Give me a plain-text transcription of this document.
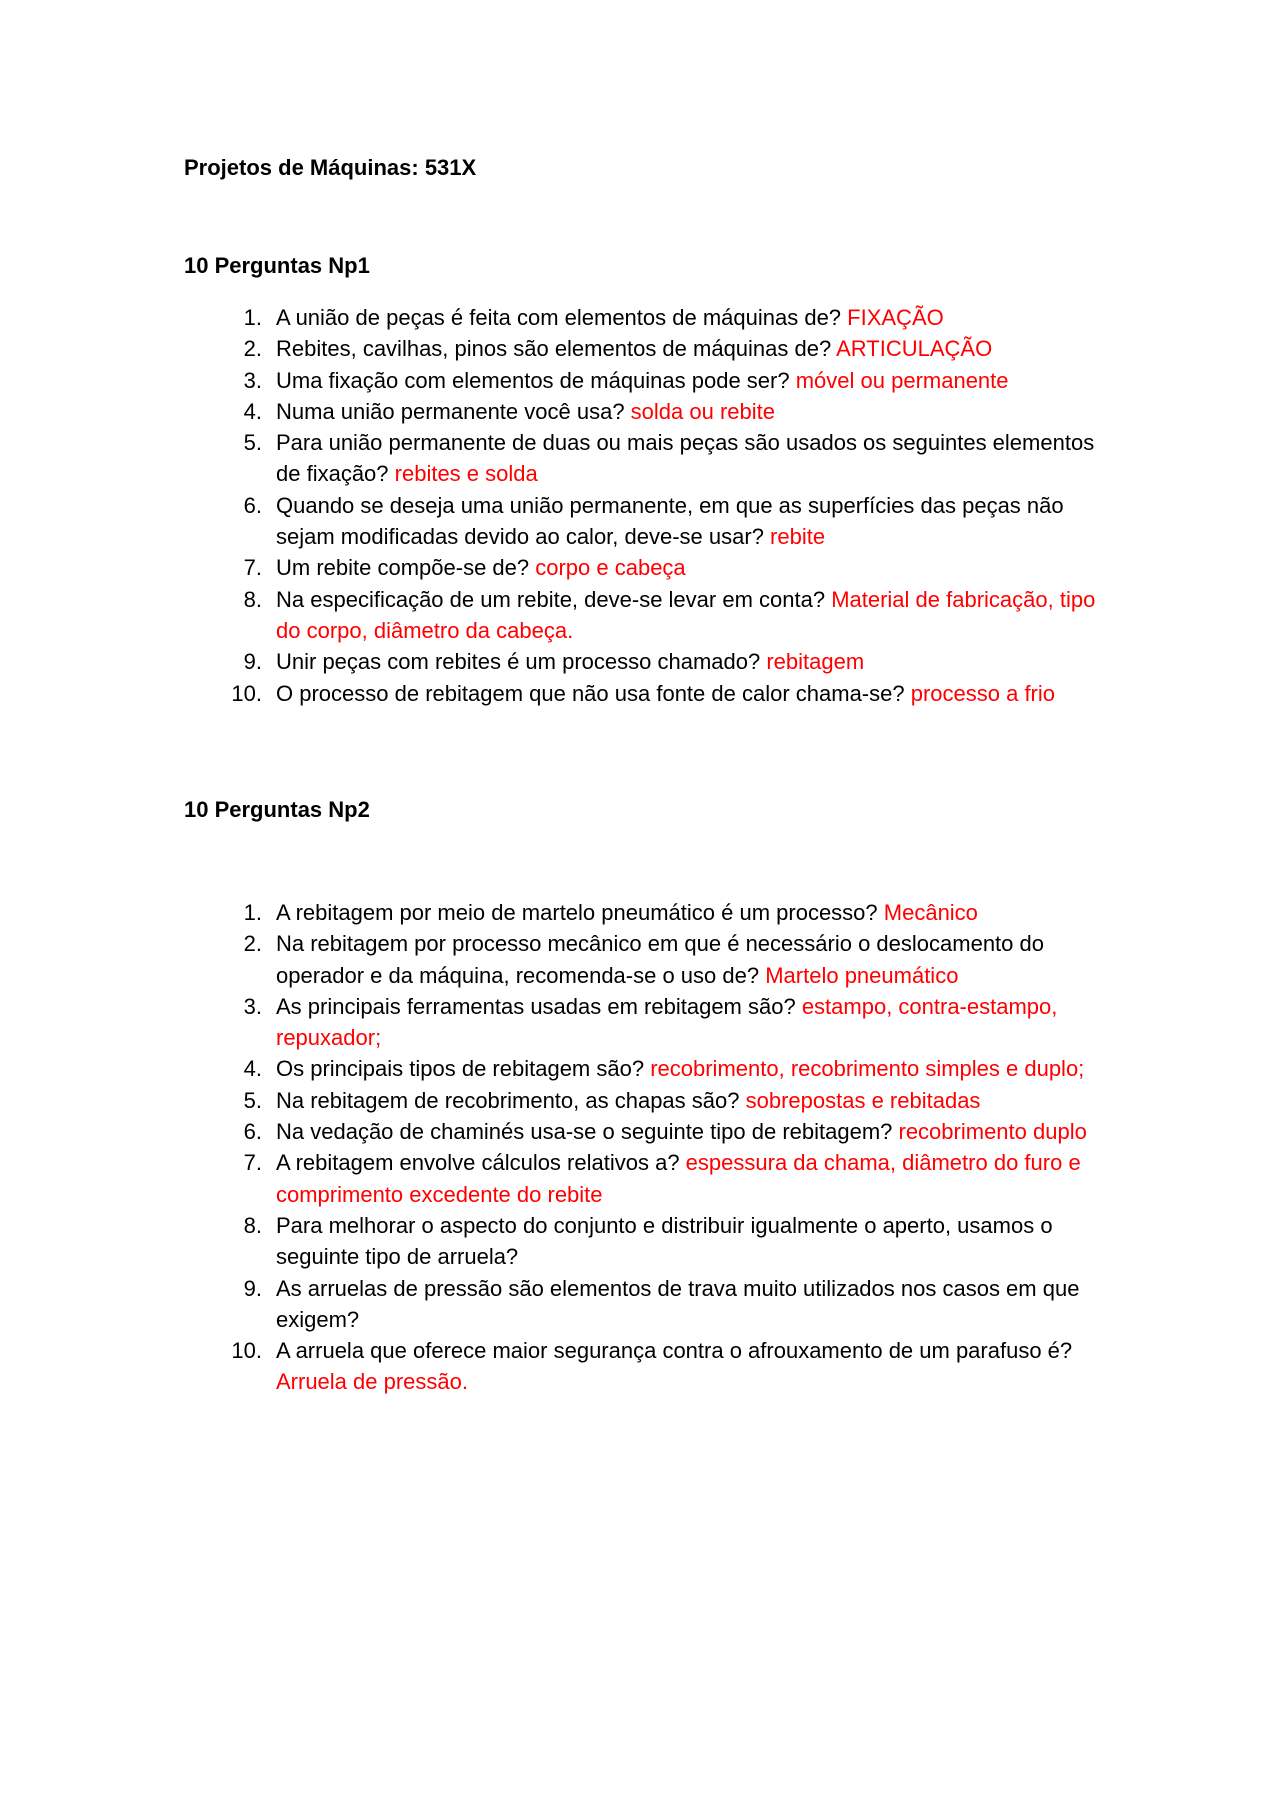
Projetos de Máquinas: 531X
10 Perguntas Np1
1. A união de peças é feita com elementos de máquinas de? FIXAÇÃO
2. Rebites, cavilhas, pinos são elementos de máquinas de? ARTICULAÇÃO
3. Uma fixação com elementos de máquinas pode ser? móvel ou permanente
4. Numa união permanente você usa? solda ou rebite
5. Para união permanente de duas ou mais peças são usados os seguintes elementos de fixação? rebites e solda
6. Quando se deseja uma união permanente, em que as superfícies das peças não sejam modificadas devido ao calor, deve-se usar? rebite
7. Um rebite compõe-se de? corpo e cabeça
8. Na especificação de um rebite, deve-se levar em conta? Material de fabricação, tipo do corpo, diâmetro da cabeça.
9. Unir peças com rebites é um processo chamado? rebitagem
10. O processo de rebitagem que não usa fonte de calor chama-se? processo a frio
10 Perguntas Np2
1. A rebitagem por meio de martelo pneumático é um processo? Mecânico
2. Na rebitagem por processo mecânico em que é necessário o deslocamento do operador e da máquina, recomenda-se o uso de? Martelo pneumático
3. As principais ferramentas usadas em rebitagem são? estampo, contra-estampo, repuxador;
4. Os principais tipos de rebitagem são? recobrimento, recobrimento simples e duplo;
5. Na rebitagem de recobrimento, as chapas são? sobrepostas e rebitadas
6. Na vedação de chaminés usa-se o seguinte tipo de rebitagem? recobrimento duplo
7. A rebitagem envolve cálculos relativos a? espessura da chama, diâmetro do furo e comprimento excedente do rebite
8. Para melhorar o aspecto do conjunto e distribuir igualmente o aperto, usamos o seguinte tipo de arruela?
9. As arruelas de pressão são elementos de trava muito utilizados nos casos em que exigem?
10. A arruela que oferece maior segurança contra o afrouxamento de um parafuso é? Arruela de pressão.
